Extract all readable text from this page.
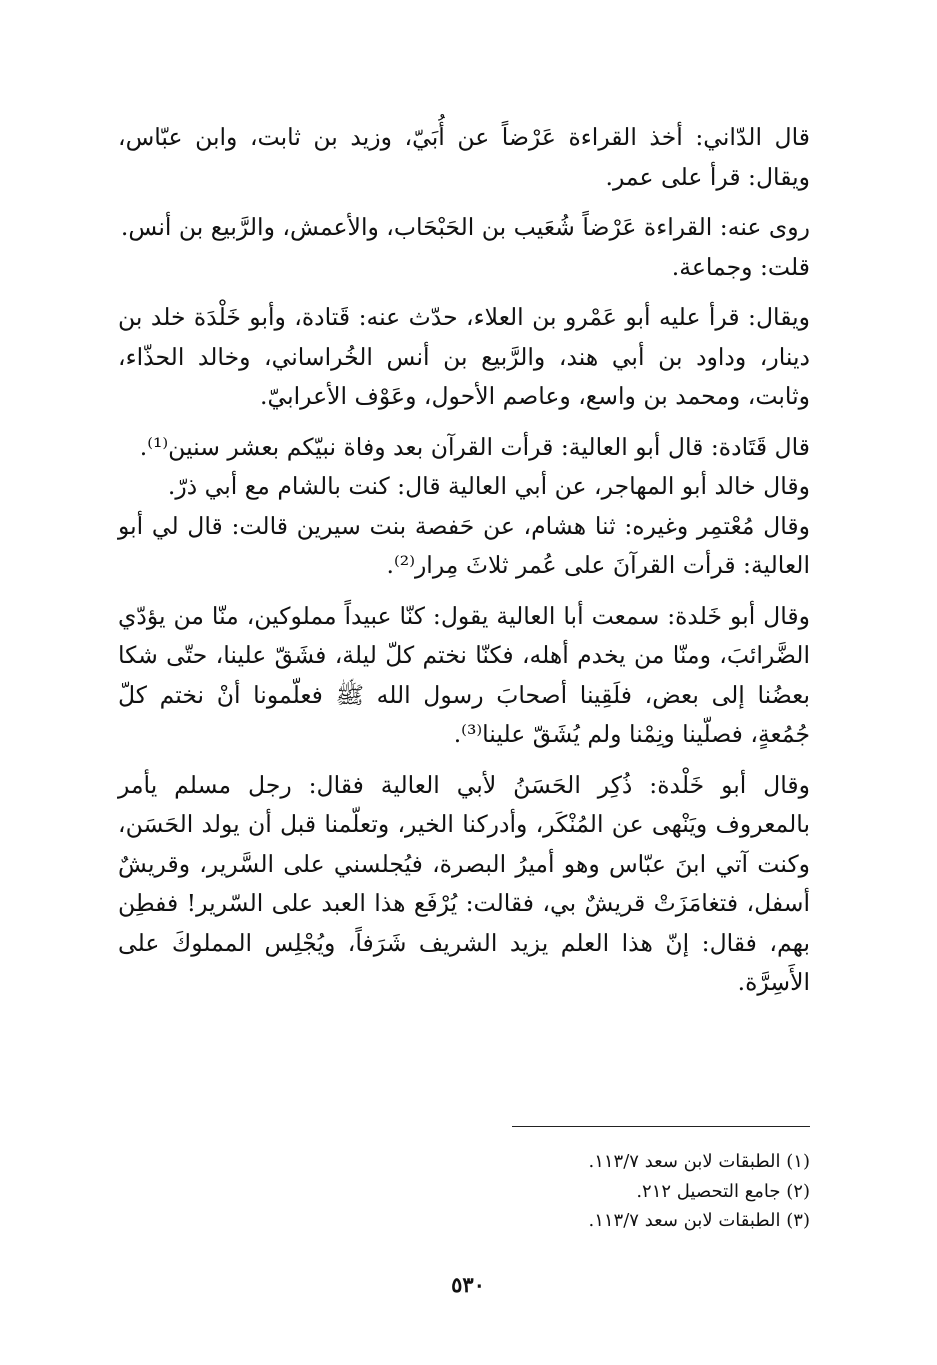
قال الدّاني: أخذ القراءة عَرْضاً عن أُبَيّ، وزيد بن ثابت، وابن عبّاس، ويقال: قرأ على عمر.

روى عنه: القراءة عَرْضاً شُعَيب بن الحَبْحَاب، والأعمش، والرَّبيع بن أنس.

قلت: وجماعة.

ويقال: قرأ عليه أبو عَمْرو بن العلاء، حدّث عنه: قَتادة، وأبو خَلْدَة خلد بن دينار، وداود بن أبي هند، والرَّبيع بن أنس الخُراساني، وخالد الحذّاء، وثابت، ومحمد بن واسع، وعاصم الأحول، وعَوْف الأعرابيّ.

قال قَتَادة: قال أبو العالية: قرأت القرآن بعد وفاة نبيّكم بعشر سنين⁽¹⁾.

وقال خالد أبو المهاجر، عن أبي العالية قال: كنت بالشام مع أبي ذرّ.

وقال مُعْتمِر وغيره: ثنا هشام، عن حَفصة بنت سيرين قالت: قال لي أبو العالية: قرأت القرآنَ على عُمر ثلاثَ مِرار⁽²⁾.

وقال أبو خَلدة: سمعت أبا العالية يقول: كنّا عبيداً مملوكين، منّا من يؤدّي الضَّرائبَ، ومنّا من يخدم أهله، فكنّا نختم كلّ ليلة، فشَقّ علينا، حتّى شكا بعضُنا إلى بعض، فلَقِينا أصحابَ رسول الله ﷺ فعلّمونا أنْ نختم كلّ جُمُعةٍ، فصلّينا ونِمْنا ولم يُشَقّ علينا⁽³⁾.

وقال أبو خَلْدة: ذُكِر الحَسَنُ لأبي العالية فقال: رجل مسلم يأمر بالمعروف ويَنْهى عن المُنْكَر، وأدركنا الخير، وتعلّمنا قبل أن يولد الحَسَن، وكنت آتي ابنَ عبّاس وهو أميرُ البصرة، فيُجلسني على السَّرير، وقريشٌ أسفل، فتغامَزَتْ قريشٌ بي، فقالت: يُرْفَع هذا العبد على السّرير! ففطِن بهم، فقال: إنّ هذا العلم يزيد الشريف شَرَفاً، ويُجْلِس المملوكَ على الأَسِرَّة.

(١) الطبقات لابن سعد ١١٣/٧.

(٢) جامع التحصيل ٢١٢.

(٣) الطبقات لابن سعد ١١٣/٧.

٥٣٠
